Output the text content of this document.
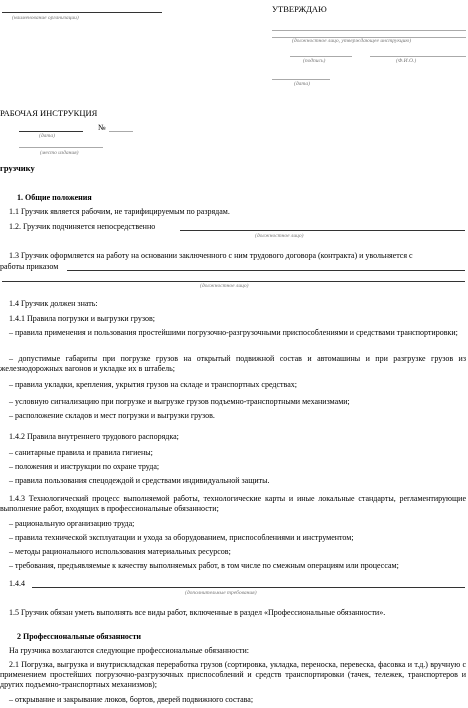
(наименование организации)
УТВЕРЖДАЮ
(должностное лицо, утверждающее инструкцию)
(подпись)	(Ф.И.О.)
(дата)
РАБОЧАЯ ИНСТРУКЦИЯ
№
(дата)
(место издания)
грузчику
1. Общие положения
1.1 Грузчик является рабочим, не тарифицируемым по разрядам.
1.2. Грузчик подчиняется непосредственно
(должностное лицо)
1.3 Грузчик оформляется на работу на основании заключенного с ним трудового договора (контракта) и увольняется с
работы приказом
(должностное лицо)
1.4 Грузчик должен знать:
1.4.1 Правила погрузки и выгрузки грузов;
– правила применения и пользования простейшими погрузочно-разгрузочными приспособлениями и средствами транспортировки;
– допустимые габариты при погрузке грузов на открытый подвижной состав и автомашины и при разгрузке грузов из железнодорожных вагонов и укладке их в штабель;
– правила укладки, крепления, укрытия грузов на складе и транспортных средствах;
– условную сигнализацию при погрузке и выгрузке грузов подъемно-транспортными механизмами;
– расположение складов и мест погрузки и выгрузки грузов.
1.4.2 Правила внутреннего трудового распорядка;
– санитарные правила и правила гигиены;
– положения и инструкции по охране труда;
– правила пользования спецодеждой и средствами индивидуальной защиты.
1.4.3 Технологический процесс выполняемой работы, технологические карты и иные локальные стандарты, регламентирующие выполнение работ, входящих в профессиональные обязанности;
– рациональную организацию труда;
– правила технической эксплуатации и ухода за оборудованием, приспособлениями и инструментом;
– методы рационального использования материальных ресурсов;
– требования, предъявляемые к качеству выполняемых работ, в том числе по смежным операциям или процессам;
1.4.4
(дополнительные требования)
1.5 Грузчик обязан уметь выполнять все виды работ, включенные в раздел «Профессиональные обязанности».
2 Профессиональные обязанности
На грузчика возлагаются следующие профессиональные обязанности:
2.1 Погрузка, выгрузка и внутрискладская переработка грузов (сортировка, укладка, переноска, перевеска, фасовка и т.д.) вручную с применением простейших погрузочно-разгрузочных приспособлений и средств транспортировки (тачек, тележек, транспортеров и других подъемно-транспортных механизмов);
– открывание и закрывание люков, бортов, дверей подвижного состава;
